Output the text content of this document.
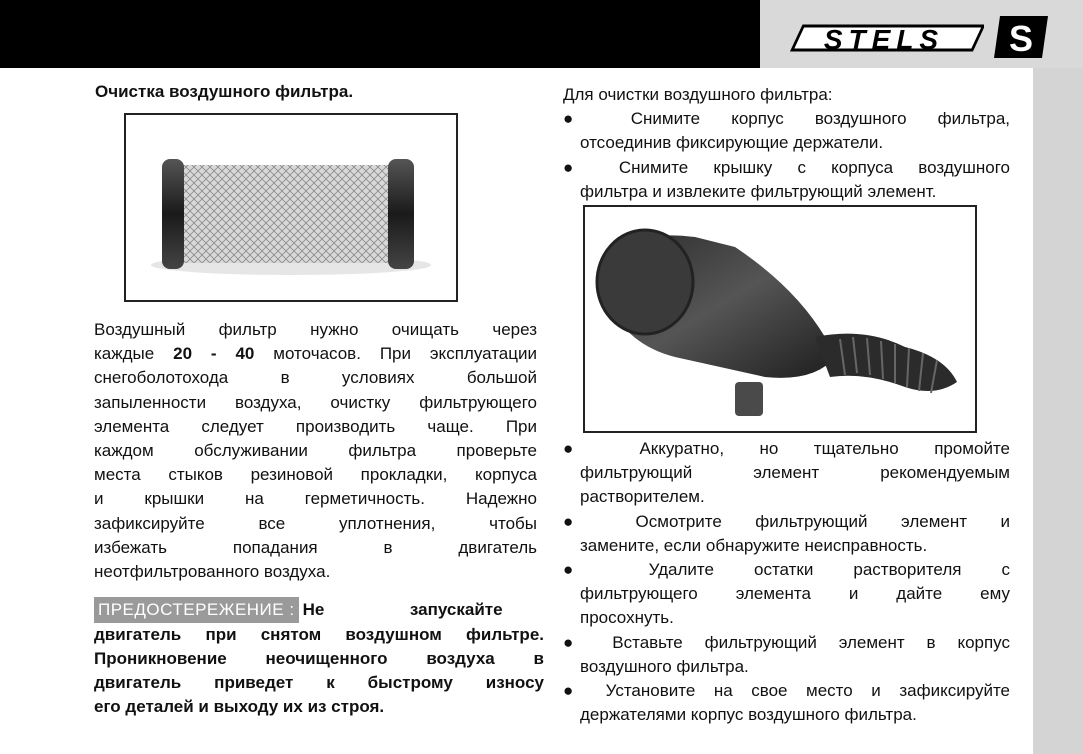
STELS S
Очистка воздушного фильтра.
Воздушный фильтр нужно очищать через
каждые 20 - 40 моточасов. При эксплуатации
снегоболотохода в условиях большой
запыленности воздуха, очистку фильтрующего
элемента следует производить чаще. При
каждом обслуживании фильтра проверьте
места стыков резиновой прокладки, корпуса
и крышки на герметичность. Надежно
зафиксируйте все уплотнения, чтобы
избежать попадания в двигатель
неотфильтрованного воздуха.
ПРЕДОСТЕРЕЖЕНИЕ : Не запускайте
двигатель при снятом воздушном фильтре.
Проникновение неочищенного воздуха в
двигатель приведет к быстрому износу
его деталей и выходу их из строя.
Для очистки воздушного фильтра:
● Снимите корпус воздушного фильтра,
отсоединив фиксирующие держатели.
● Снимите крышку с корпуса воздушного
фильтра и извлеките фильтрующий элемент.
● Аккуратно, но тщательно промойте
фильтрующий элемент рекомендуемым
растворителем.
● Осмотрите фильтрующий элемент и
замените, если обнаружите неисправность.
● Удалите остатки растворителя с
фильтрующего элемента и дайте ему
просохнуть.
● Вставьте фильтрующий элемент в корпус
воздушного фильтра.
● Установите на свое место и зафиксируйте
держателями корпус воздушного фильтра.
